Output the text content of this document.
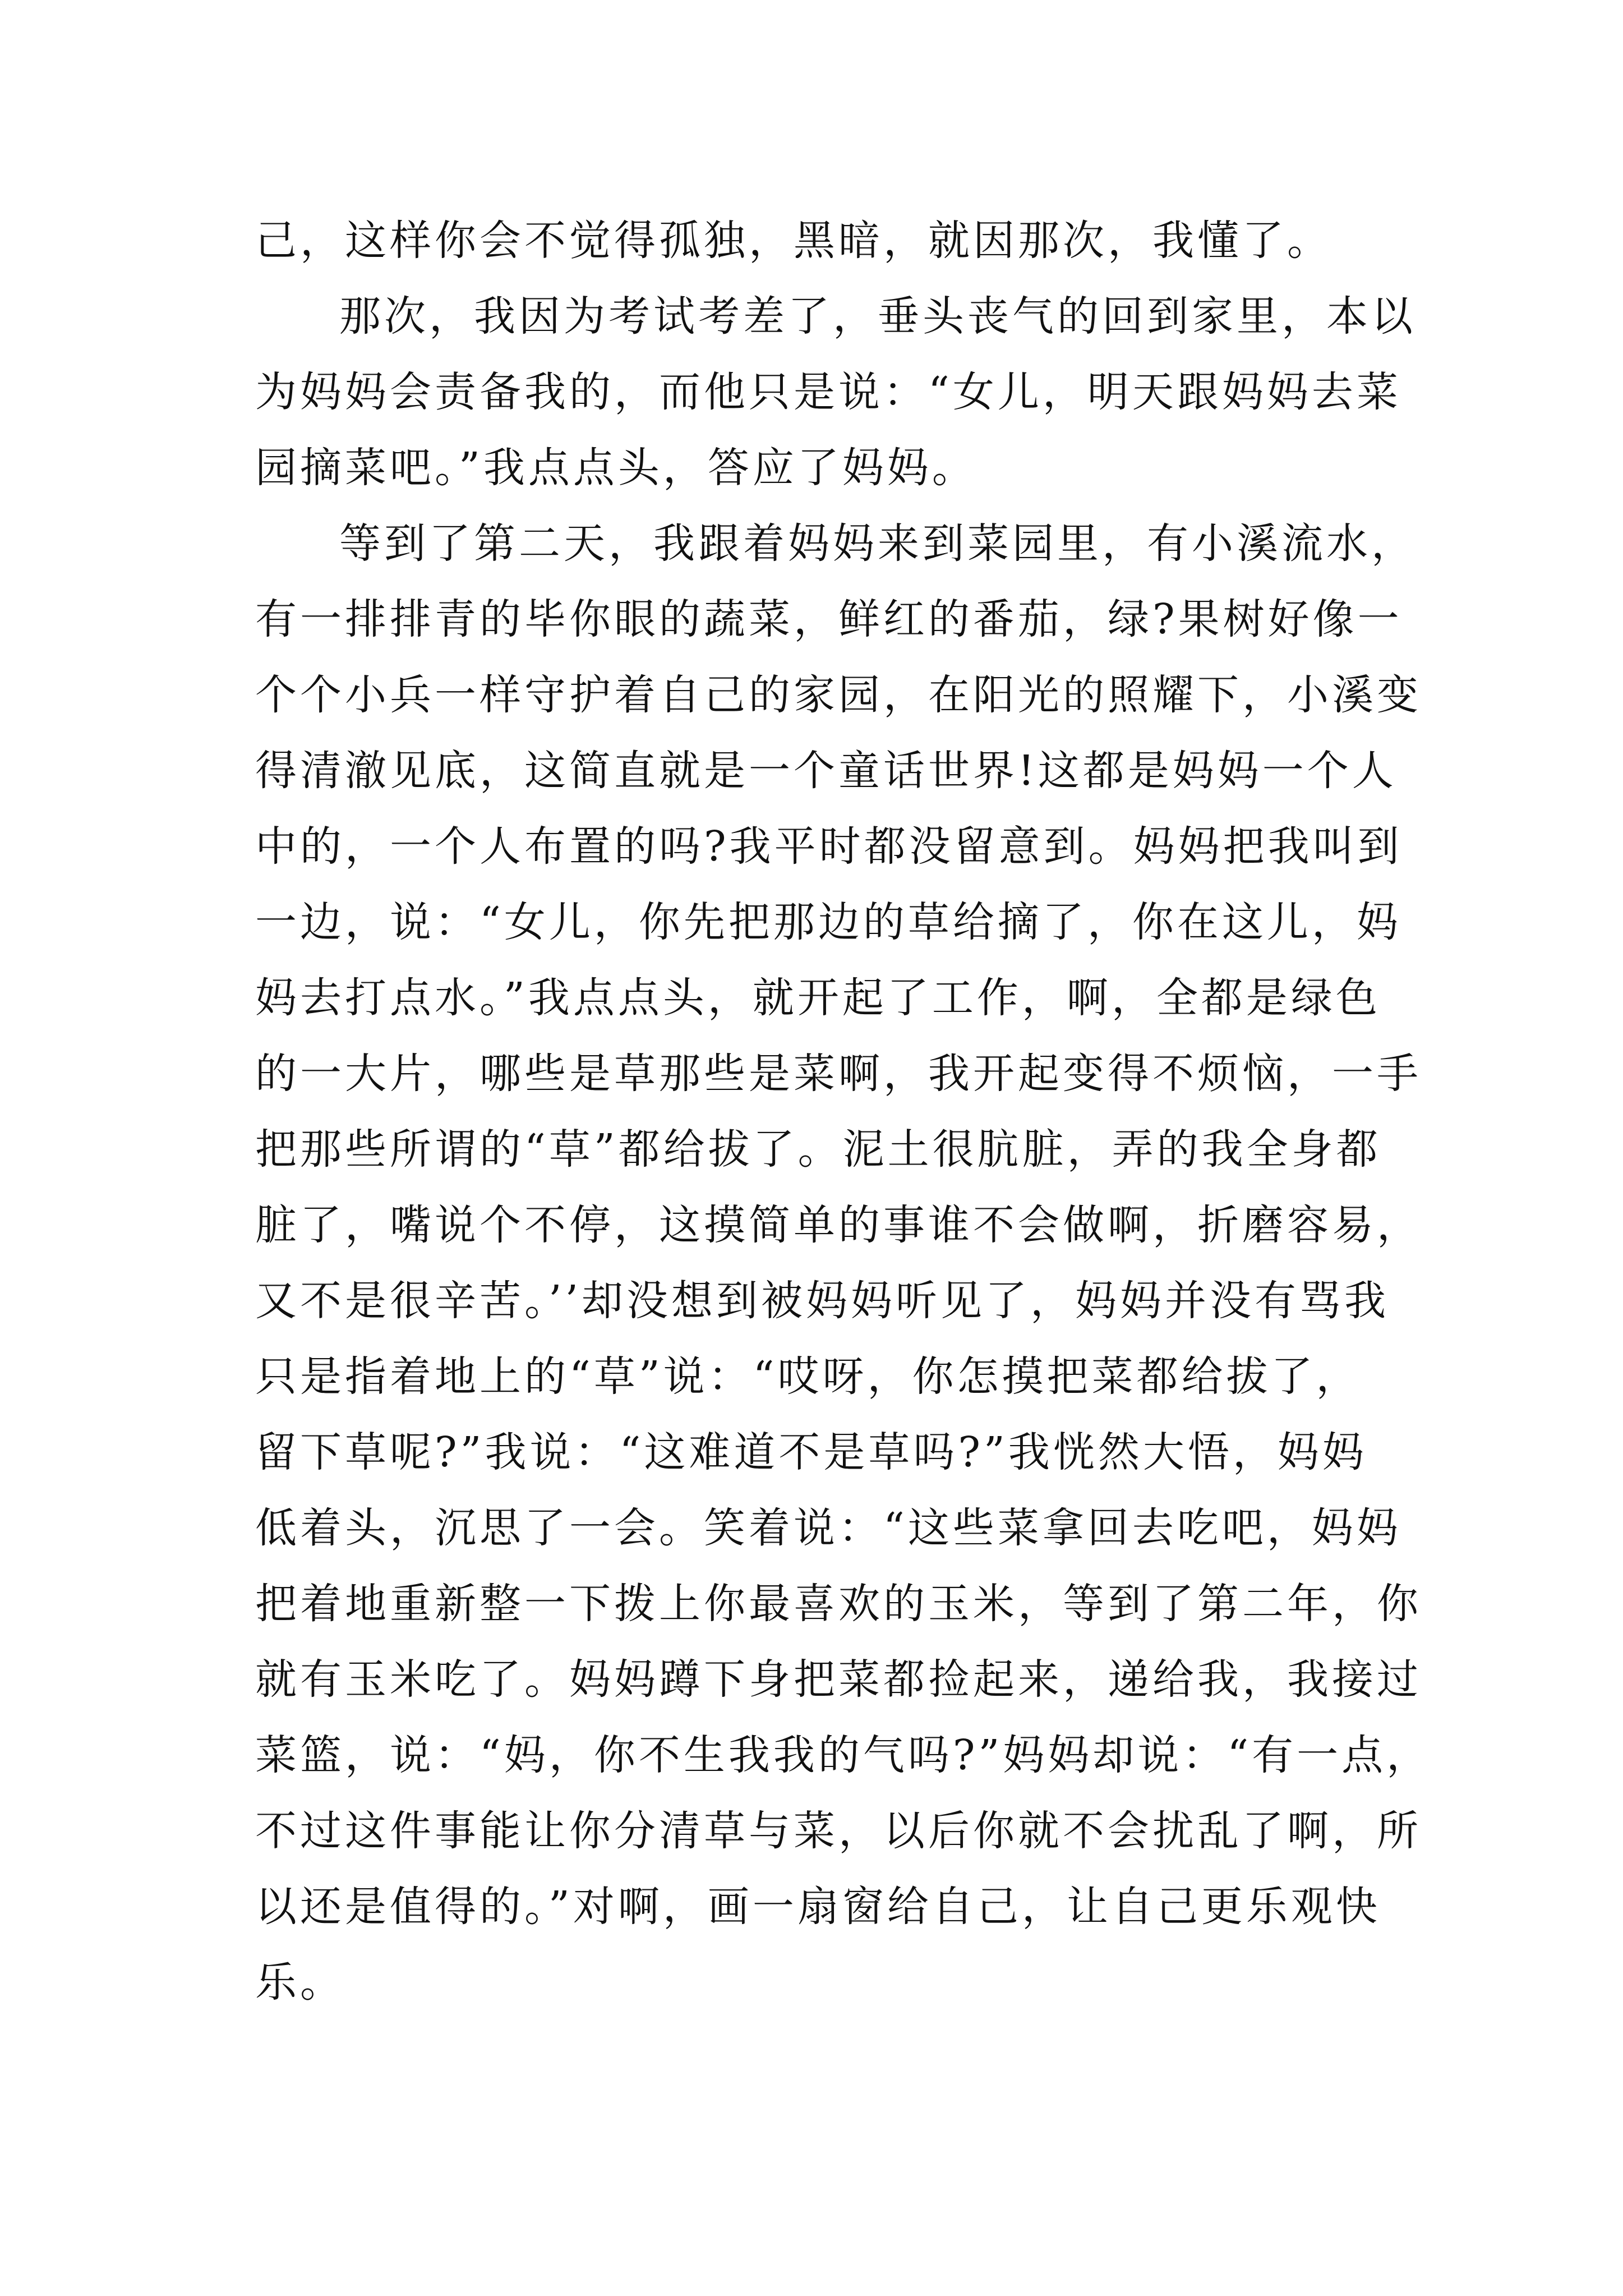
己，这样你会不觉得孤独，黑暗，就因那次，我懂了。
那次，我因为考试考差了，垂头丧气的回到家里，本以
为妈妈会责备我的，而他只是说：“女儿，明天跟妈妈去菜
园摘菜吧。”我点点头，答应了妈妈。
等到了第二天，我跟着妈妈来到菜园里，有小溪流水，
有一排排青的毕你眼的蔬菜，鲜红的番茄，绿?果树好像一
个个小兵一样守护着自己的家园，在阳光的照耀下，小溪变
得清澈见底，这简直就是一个童话世界!这都是妈妈一个人
中的，一个人布置的吗?我平时都没留意到。妈妈把我叫到
一边，说：“女儿，你先把那边的草给摘了，你在这儿，妈
妈去打点水。”我点点头，就开起了工作，啊，全都是绿色
的一大片，哪些是草那些是菜啊，我开起变得不烦恼，一手
把那些所谓的“草”都给拔了。泥土很肮脏，弄的我全身都
脏了，嘴说个不停，这摸简单的事谁不会做啊，折磨容易，
又不是很辛苦。’’却没想到被妈妈听见了，妈妈并没有骂我
只是指着地上的“草”说：“哎呀，你怎摸把菜都给拔了，
留下草呢?”我说：“这难道不是草吗?”我恍然大悟，妈妈
低着头，沉思了一会。笑着说：“这些菜拿回去吃吧，妈妈
把着地重新整一下拨上你最喜欢的玉米，等到了第二年，你
就有玉米吃了。妈妈蹲下身把菜都捡起来，递给我，我接过
菜篮，说：“妈，你不生我我的气吗?”妈妈却说：“有一点，
不过这件事能让你分清草与菜，以后你就不会扰乱了啊，所
以还是值得的。”对啊，画一扇窗给自己，让自己更乐观快
乐。
